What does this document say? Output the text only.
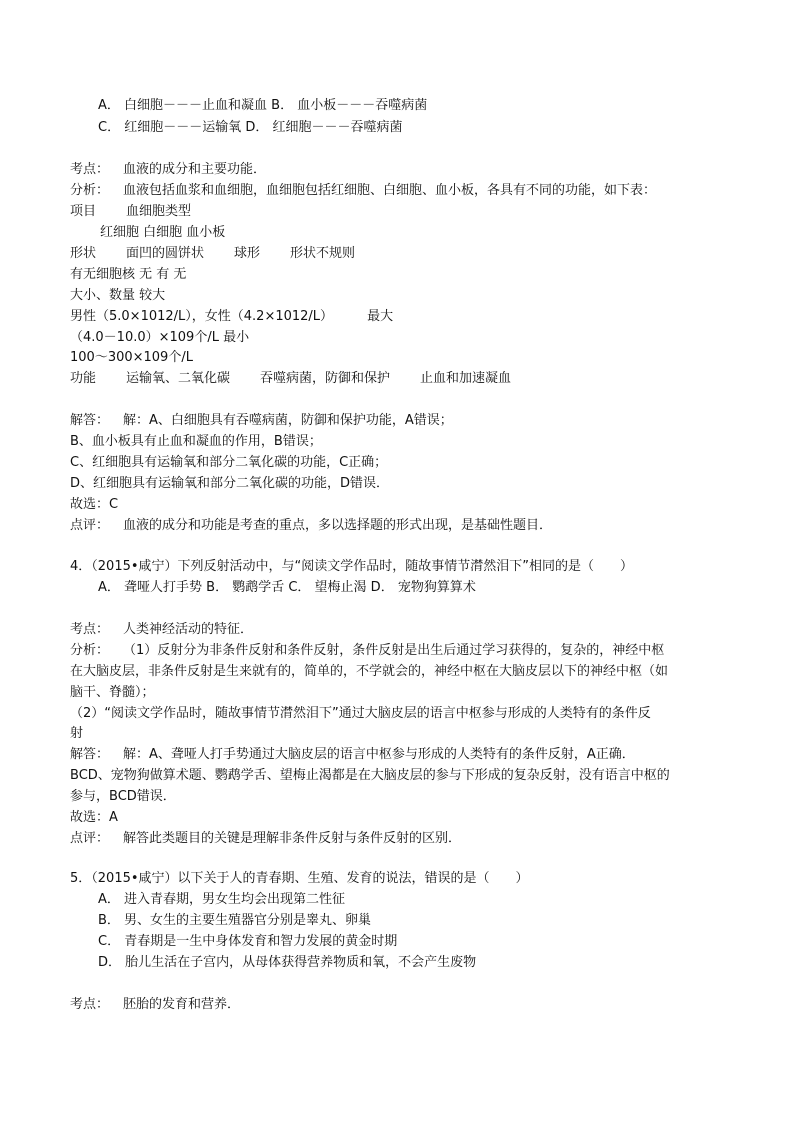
A． 白细胞－－－止血和凝血 B． 血小板－－－吞噬病菌
C． 红细胞－－－运输氧 D． 红细胞－－－吞噬病菌
考点： 血液的成分和主要功能．
分析： 血液包括血浆和血细胞，血细胞包括红细胞、白细胞、血小板，各具有不同的功能，如下表：
项目 血细胞类型
红细胞 白细胞 血小板
形状 面凹的圆饼状 球形 形状不规则
有无细胞核 无 有 无
大小、数量 较大
男性（5.0×1012/L），女性（4.2×1012/L）	最大
（4.0－10.0）×109个/L 最小
100～300×109个/L
功能 运输氧、二氧化碳 吞噬病菌，防御和保护 止血和加速凝血
解答： 解：A、白细胞具有吞噬病菌，防御和保护功能，A错误；
B、血小板具有止血和凝血的作用，B错误；
C、红细胞具有运输氧和部分二氧化碳的功能，C正确；
D、红细胞具有运输氧和部分二氧化碳的功能，D错误．
故选：C
点评： 血液的成分和功能是考查的重点，多以选择题的形式出现，是基础性题目．
4．（2015•咸宁）下列反射活动中，与“阅读文学作品时，随故事情节潸然泪下”相同的是（　　）
A． 聋哑人打手势 B． 鹦鹉学舌 C． 望梅止渴 D． 宠物狗算算术
考点： 人类神经活动的特征．
分析： （1）反射分为非条件反射和条件反射，条件反射是出生后通过学习获得的，复杂的，神经中枢
在大脑皮层，非条件反射是生来就有的，简单的，不学就会的，神经中枢在大脑皮层以下的神经中枢（如
脑干、脊髓）；
（2）“阅读文学作品时，随故事情节潸然泪下”通过大脑皮层的语言中枢参与形成的人类特有的条件反
射
解答： 解：A、聋哑人打手势通过大脑皮层的语言中枢参与形成的人类特有的条件反射，A正确．
BCD、宠物狗做算术题、鹦鹉学舌、望梅止渴都是在大脑皮层的参与下形成的复杂反射，没有语言中枢的
参与，BCD错误．
故选：A
点评： 解答此类题目的关键是理解非条件反射与条件反射的区别．
5．（2015•咸宁）以下关于人的青春期、生殖、发育的说法，错误的是（　　）
A． 进入青春期，男女生均会出现第二性征
B． 男、女生的主要生殖器官分别是睾丸、卵巢
C． 青春期是一生中身体发育和智力发展的黄金时期
D． 胎儿生活在子宫内，从母体获得营养物质和氧，不会产生废物
考点： 胚胎的发育和营养．
